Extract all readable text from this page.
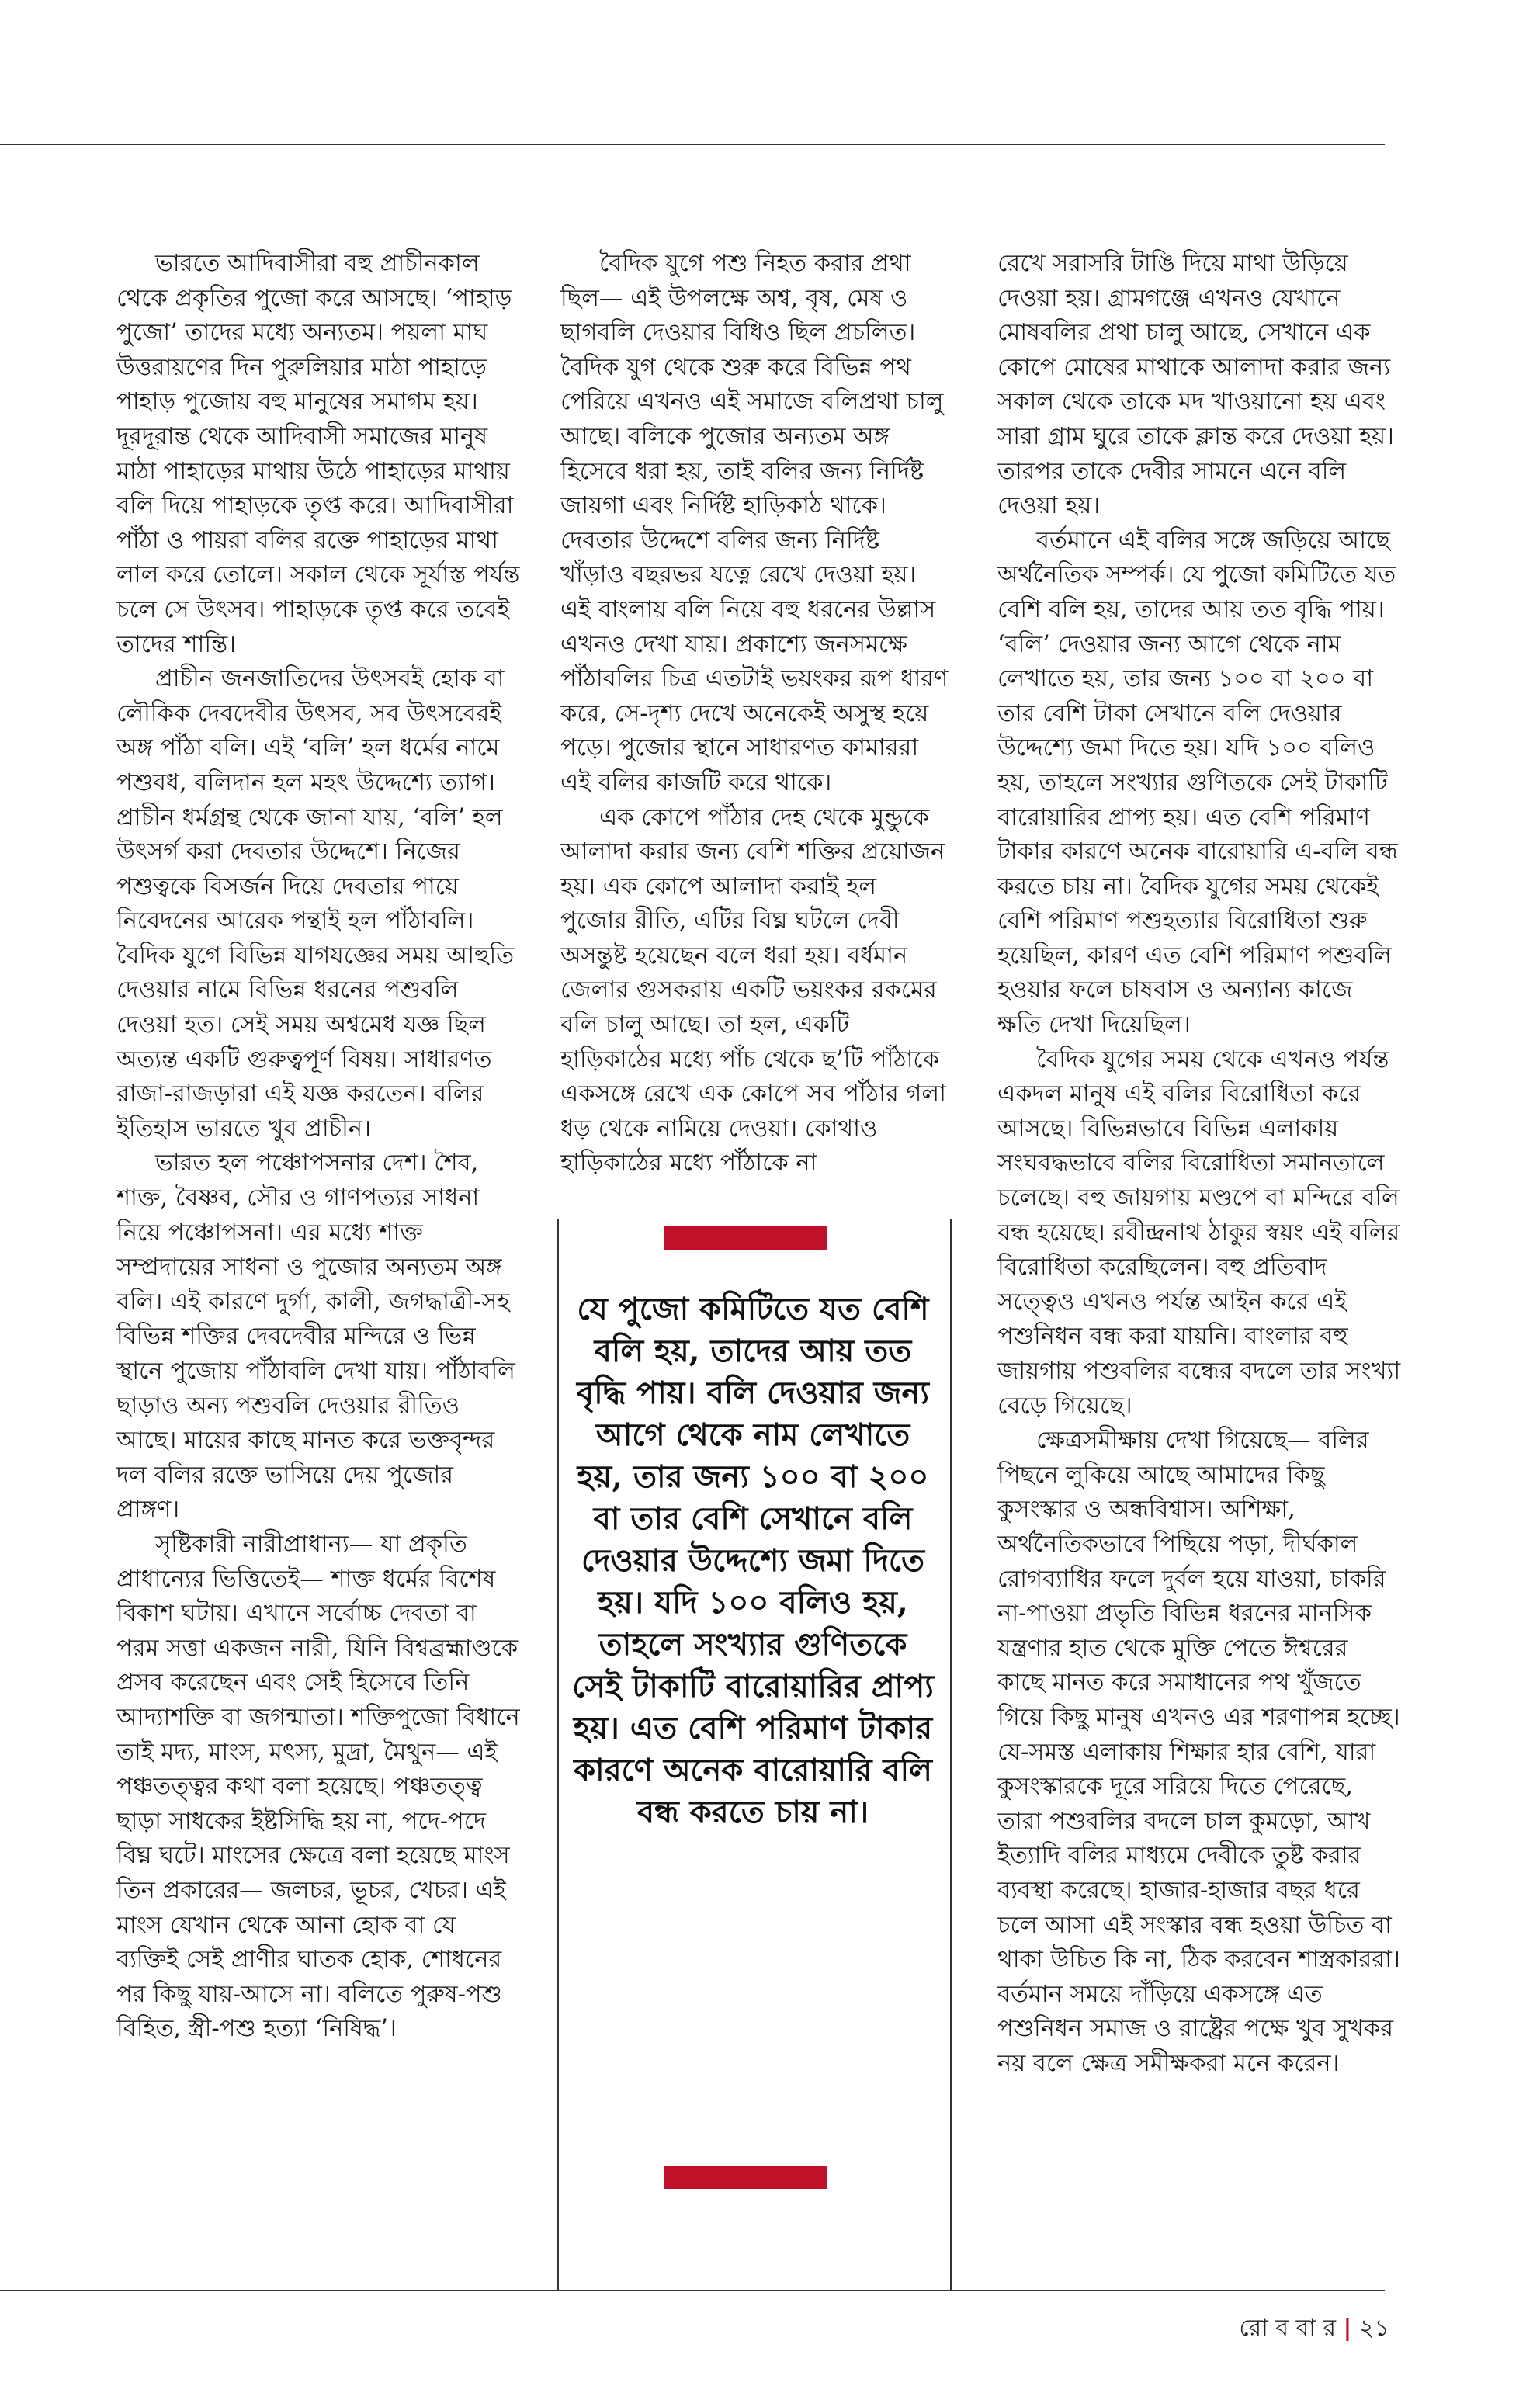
ভারতে আদিবাসীরা বহু প্রাচীনকাল থেকে প্রকৃতির পুজো করে আসছে। ‘পাহাড় পুজো’ তাদের মধ্যে অন্যতম। পয়লা মাঘ উত্তরায়ণের দিন পুরুলিয়ার মাঠা পাহাড়ে পাহাড় পুজোয় বহু মানুষের সমাগম হয়। দূরদূরান্ত থেকে আদিবাসী সমাজের মানুষ মাঠা পাহাড়ের মাথায় উঠে পাহাড়ের মাথায় বলি দিয়ে পাহাড়কে তৃপ্ত করে। আদিবাসীরা পাঁঠা ও পায়রা বলির রক্তে পাহাড়ের মাথা লাল করে তোলে। সকাল থেকে সূর্যাস্ত পর্যন্ত চলে সে উৎসব। পাহাড়কে তৃপ্ত করে তবেই তাদের শান্তি।

প্রাচীন জনজাতিদের উৎসবই হোক বা লৌকিক দেবদেবীর উৎসব, সব উৎসবেরই অঙ্গ পাঁঠা বলি। এই ‘বলি’ হল ধর্মের নামে পশুবধ, বলিদান হল মহৎ উদ্দেশ্যে ত্যাগ। প্রাচীন ধর্মগ্রন্থ থেকে জানা যায়, ‘বলি’ হল উৎসর্গ করা দেবতার উদ্দেশে। নিজের পশুত্বকে বিসর্জন দিয়ে দেবতার পায়ে নিবেদনের আরেক পন্থাই হল পাঁঠাবলি। বৈদিক যুগে বিভিন্ন যাগযজ্ঞের সময় আহুতি দেওয়ার নামে বিভিন্ন ধরনের পশুবলি দেওয়া হত। সেই সময় অশ্বমেধ যজ্ঞ ছিল অত্যন্ত একটি গুরুত্বপূর্ণ বিষয়। সাধারণত রাজা-রাজড়ারা এই যজ্ঞ করতেন। বলির ইতিহাস ভারতে খুব প্রাচীন।

ভারত হল পঞ্চোপসনার দেশ। শৈব, শাক্ত, বৈষ্ণব, সৌর ও গাণপত্যর সাধনা নিয়ে পঞ্চোপসনা। এর মধ্যে শাক্ত সম্প্রদায়ের সাধনা ও পুজোর অন্যতম অঙ্গ বলি। এই কারণে দুর্গা, কালী, জগদ্ধাত্রী-সহ বিভিন্ন শক্তির দেবদেবীর মন্দিরে ও ভিন্ন স্থানে পুজোয় পাঁঠাবলি দেখা যায়। পাঁঠাবলি ছাড়াও অন্য পশুবলি দেওয়ার রীতিও আছে। মায়ের কাছে মানত করে ভক্তবৃন্দর দল বলির রক্তে ভাসিয়ে দেয় পুজোর প্রাঙ্গণ।

সৃষ্টিকারী নারীপ্রাধান্য— যা প্রকৃতি প্রাধান্যের ভিত্তিতেই— শাক্ত ধর্মের বিশেষ বিকাশ ঘটায়। এখানে সর্বোচ্চ দেবতা বা পরম সত্তা একজন নারী, যিনি বিশ্বব্রহ্মাণ্ডকে প্রসব করেছেন এবং সেই হিসেবে তিনি আদ্যাশক্তি বা জগন্মাতা। শক্তিপুজো বিধানে তাই মদ্য, মাংস, মৎস্য, মুদ্রা, মৈথুন— এই পঞ্চতত্ত্বর কথা বলা হয়েছে। পঞ্চতত্ত্ব ছাড়া সাধকের ইষ্টসিদ্ধি হয় না, পদে-পদে বিঘ্ন ঘটে। মাংসের ক্ষেত্রে বলা হয়েছে মাংস তিন প্রকারের— জলচর, ভূচর, খেচর। এই মাংস যেখান থেকে আনা হোক বা যে ব্যক্তিই সেই প্রাণীর ঘাতক হোক, শোধনের পর কিছু যায়-আসে না। বলিতে পুরুষ-পশু বিহিত, স্ত্রী-পশু হত্যা ‘নিষিদ্ধ’।

বৈদিক যুগে পশু নিহত করার প্রথা ছিল— এই উপলক্ষে অশ্ব, বৃষ, মেষ ও ছাগবলি দেওয়ার বিধিও ছিল প্রচলিত। বৈদিক যুগ থেকে শুরু করে বিভিন্ন পথ পেরিয়ে এখনও এই সমাজে বলিপ্রথা চালু আছে। বলিকে পুজোর অন্যতম অঙ্গ হিসেবে ধরা হয়, তাই বলির জন্য নির্দিষ্ট জায়গা এবং নির্দিষ্ট হাড়িকাঠ থাকে। দেবতার উদ্দেশে বলির জন্য নির্দিষ্ট খাঁড়াও বছরভর যত্নে রেখে দেওয়া হয়। এই বাংলায় বলি নিয়ে বহু ধরনের উল্লাস এখনও দেখা যায়। প্রকাশ্যে জনসমক্ষে পাঁঠাবলির চিত্র এতটাই ভয়ংকর রূপ ধারণ করে, সে-দৃশ্য দেখে অনেকেই অসুস্থ হয়ে পড়ে। পুজোর স্থানে সাধারণত কামাররা এই বলির কাজটি করে থাকে।

এক কোপে পাঁঠার দেহ থেকে মুন্ডুকে আলাদা করার জন্য বেশি শক্তির প্রয়োজন হয়। এক কোপে আলাদা করাই হল পুজোর রীতি, এটির বিঘ্ন ঘটলে দেবী অসন্তুষ্ট হয়েছেন বলে ধরা হয়। বর্ধমান জেলার গুসকরায় একটি ভয়ংকর রকমের বলি চালু আছে। তা হল, একটি হাড়িকাঠের মধ্যে পাঁচ থেকে ছ’টি পাঁঠাকে একসঙ্গে রেখে এক কোপে সব পাঁঠার গলা ধড় থেকে নামিয়ে দেওয়া। কোথাও হাড়িকাঠের মধ্যে পাঁঠাকে না

যে পুজো কমিটিতে যত বেশি বলি হয়, তাদের আয় তত বৃদ্ধি পায়। বলি দেওয়ার জন্য আগে থেকে নাম লেখাতে হয়, তার জন্য ১০০ বা ২০০ বা তার বেশি সেখানে বলি দেওয়ার উদ্দেশ্যে জমা দিতে হয়। যদি ১০০ বলিও হয়, তাহলে সংখ্যার গুণিতকে সেই টাকাটি বারোয়ারির প্রাপ্য হয়। এত বেশি পরিমাণ টাকার কারণে অনেক বারোয়ারি বলি বন্ধ করতে চায় না।

রেখে সরাসরি টাঙি দিয়ে মাথা উড়িয়ে দেওয়া হয়। গ্রামগঞ্জে এখনও যেখানে মোষবলির প্রথা চালু আছে, সেখানে এক কোপে মোষের মাথাকে আলাদা করার জন্য সকাল থেকে তাকে মদ খাওয়ানো হয় এবং সারা গ্রাম ঘুরে তাকে ক্লান্ত করে দেওয়া হয়। তারপর তাকে দেবীর সামনে এনে বলি দেওয়া হয়।

বর্তমানে এই বলির সঙ্গে জড়িয়ে আছে অর্থনৈতিক সম্পর্ক। যে পুজো কমিটিতে যত বেশি বলি হয়, তাদের আয় তত বৃদ্ধি পায়। ‘বলি’ দেওয়ার জন্য আগে থেকে নাম লেখাতে হয়, তার জন্য ১০০ বা ২০০ বা তার বেশি টাকা সেখানে বলি দেওয়ার উদ্দেশ্যে জমা দিতে হয়। যদি ১০০ বলিও হয়, তাহলে সংখ্যার গুণিতকে সেই টাকাটি বারোয়ারির প্রাপ্য হয়। এত বেশি পরিমাণ টাকার কারণে অনেক বারোয়ারি এ-বলি বন্ধ করতে চায় না। বৈদিক যুগের সময় থেকেই বেশি পরিমাণ পশুহত্যার বিরোধিতা শুরু হয়েছিল, কারণ এত বেশি পরিমাণ পশুবলি হওয়ার ফলে চাষবাস ও অন্যান্য কাজে ক্ষতি দেখা দিয়েছিল।

বৈদিক যুগের সময় থেকে এখনও পর্যন্ত একদল মানুষ এই বলির বিরোধিতা করে আসছে। বিভিন্নভাবে বিভিন্ন এলাকায় সংঘবদ্ধভাবে বলির বিরোধিতা সমানতালে চলেছে। বহু জায়গায় মণ্ডপে বা মন্দিরে বলি বন্ধ হয়েছে। রবীন্দ্রনাথ ঠাকুর স্বয়ং এই বলির বিরোধিতা করেছিলেন। বহু প্রতিবাদ সত্ত্বেও এখনও পর্যন্ত আইন করে এই পশুনিধন বন্ধ করা যায়নি। বাংলার বহু জায়গায় পশুবলির বন্ধের বদলে তার সংখ্যা বেড়ে গিয়েছে।

ক্ষেত্রসমীক্ষায় দেখা গিয়েছে— বলির পিছনে লুকিয়ে আছে আমাদের কিছু কুসংস্কার ও অন্ধবিশ্বাস। অশিক্ষা, অর্থনৈতিকভাবে পিছিয়ে পড়া, দীর্ঘকাল রোগব্যাধির ফলে দুর্বল হয়ে যাওয়া, চাকরি না-পাওয়া প্রভৃতি বিভিন্ন ধরনের মানসিক যন্ত্রণার হাত থেকে মুক্তি পেতে ঈশ্বরের কাছে মানত করে সমাধানের পথ খুঁজতে গিয়ে কিছু মানুষ এখনও এর শরণাপন্ন হচ্ছে। যে-সমস্ত এলাকায় শিক্ষার হার বেশি, যারা কুসংস্কারকে দূরে সরিয়ে দিতে পেরেছে, তারা পশুবলির বদলে চাল কুমড়ো, আখ ইত্যাদি বলির মাধ্যমে দেবীকে তুষ্ট করার ব্যবস্থা করেছে। হাজার-হাজার বছর ধরে চলে আসা এই সংস্কার বন্ধ হওয়া উচিত বা থাকা উচিত কি না, ঠিক করবেন শাস্ত্রকাররা। বর্তমান সময়ে দাঁড়িয়ে একসঙ্গে এত পশুনিধন সমাজ ও রাষ্ট্রের পক্ষে খুব সুখকর নয় বলে ক্ষেত্র সমীক্ষকরা মনে করেন।

রো ব বা র | ২১
